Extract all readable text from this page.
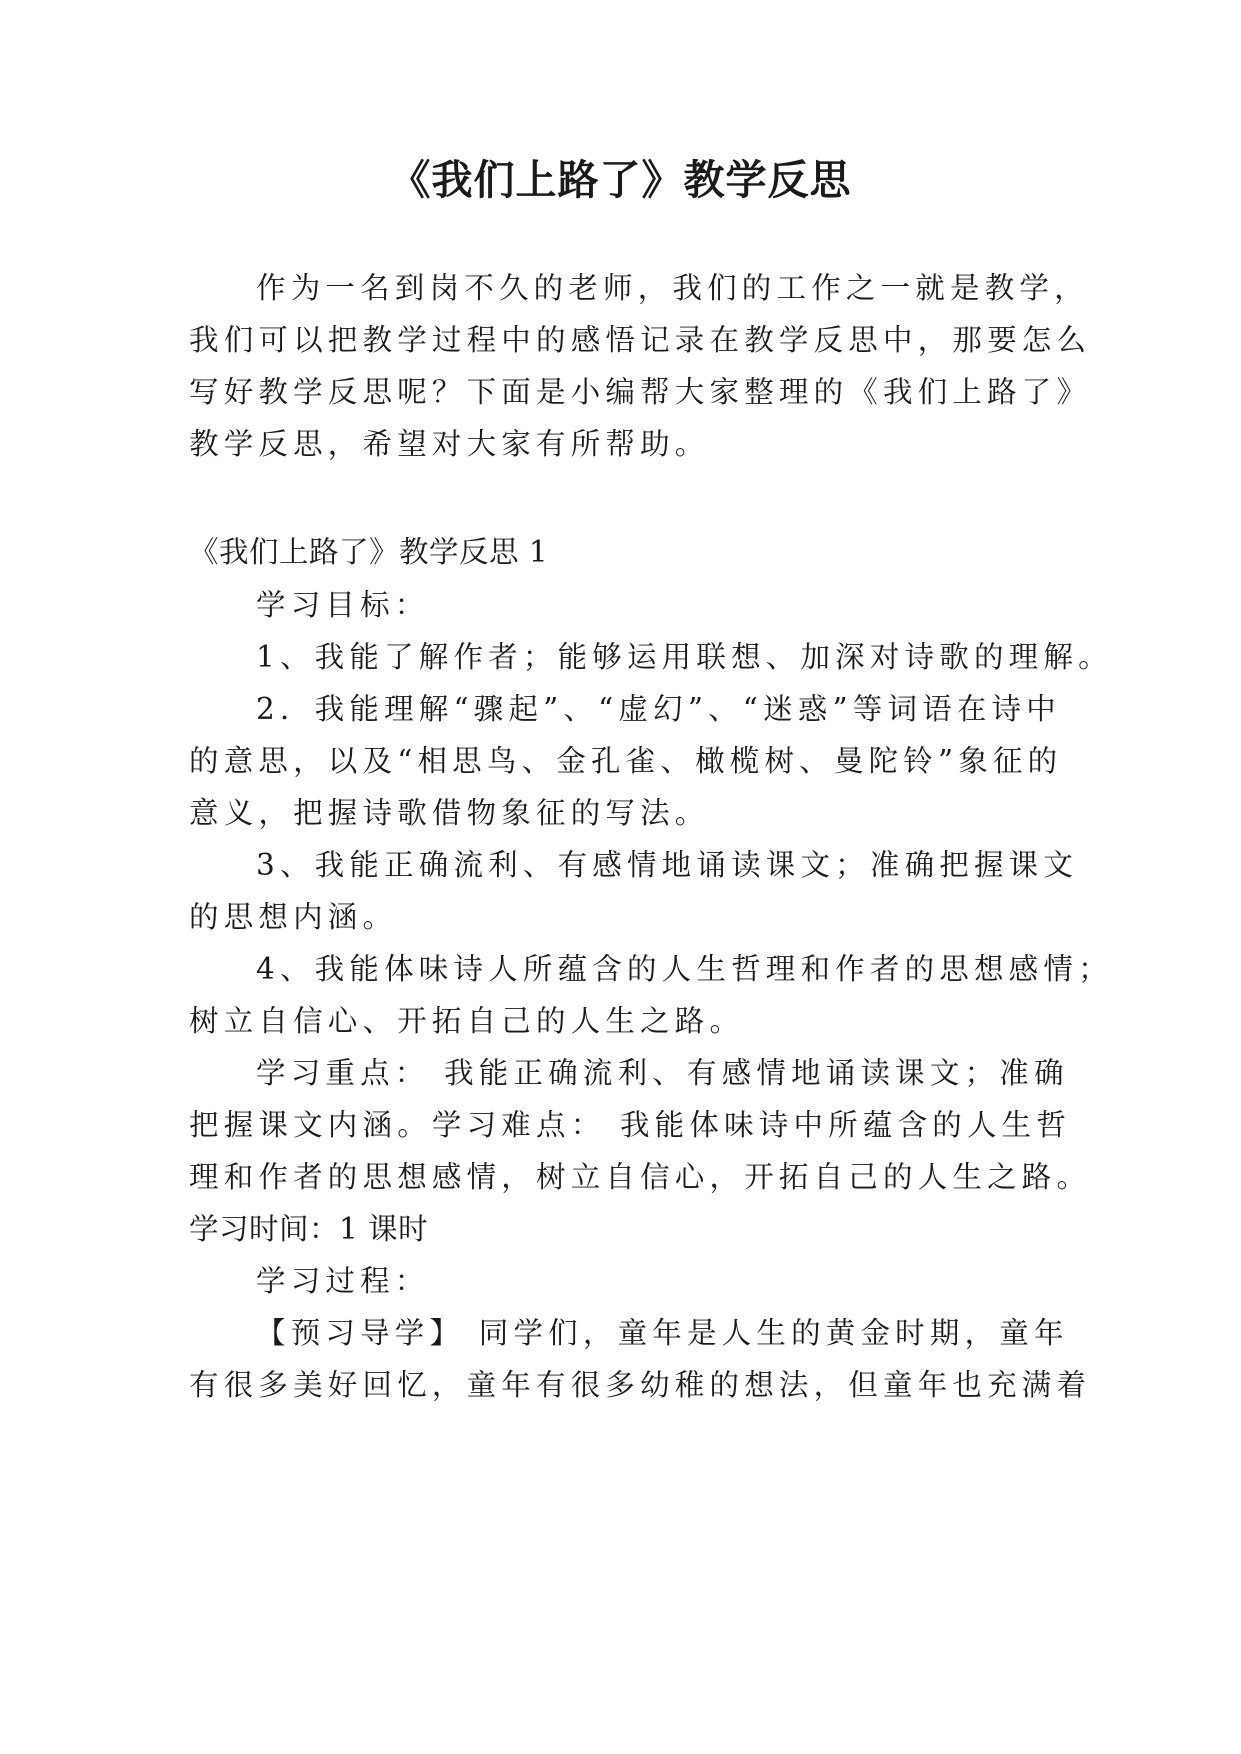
《我们上路了》教学反思
作为一名到岗不久的老师，我们的工作之一就是教学，
我们可以把教学过程中的感悟记录在教学反思中，那要怎么
写好教学反思呢？下面是小编帮大家整理的《我们上路了》
教学反思，希望对大家有所帮助。
《我们上路了》教学反思 1
学习目标：
1、我能了解作者；能够运用联想、加深对诗歌的理解。
2．我能理解“骤起”、“虚幻”、“迷惑”等词语在诗中
的意思，以及“相思鸟、金孔雀、橄榄树、曼陀铃”象征的
意义，把握诗歌借物象征的写法。
3、我能正确流利、有感情地诵读课文；准确把握课文
的思想内涵。
4、我能体味诗人所蕴含的人生哲理和作者的思想感情；
树立自信心、开拓自己的人生之路。
学习重点： 我能正确流利、有感情地诵读课文；准确
把握课文内涵。学习难点： 我能体味诗中所蕴含的人生哲
理和作者的思想感情，树立自信心，开拓自己的人生之路。
学习时间：1 课时
学习过程：
【预习导学】 同学们，童年是人生的黄金时期，童年
有很多美好回忆，童年有很多幼稚的想法，但童年也充满着
